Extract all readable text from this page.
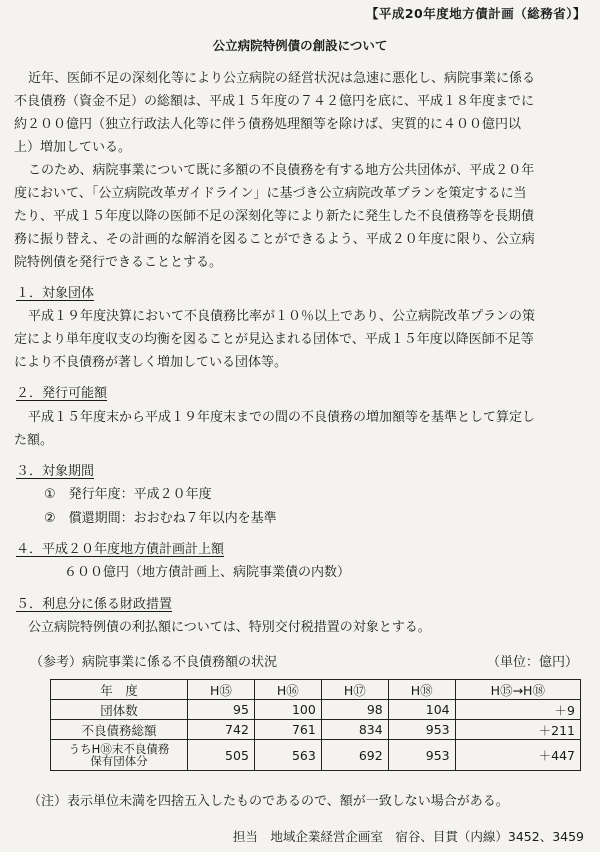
【平成20年度地方債計画（総務省）】
公立病院特例債の創設について
近年、医師不足の深刻化等により公立病院の経営状況は急速に悪化し、病院事業に係る
不良債務（資金不足）の総額は、平成１５年度の７４２億円を底に、平成１８年度までに
約２００億円（独立行政法人化等に伴う債務処理額等を除けば、実質的に４００億円以
上）増加している。
このため、病院事業について既に多額の不良債務を有する地方公共団体が、平成２０年
度において、「公立病院改革ガイドライン」に基づき公立病院改革プランを策定するに当
たり、平成１５年度以降の医師不足の深刻化等により新たに発生した不良債務等を長期債
務に振り替え、その計画的な解消を図ることができるよう、平成２０年度に限り、公立病
院特例債を発行できることとする。
１．対象団体
平成１９年度決算において不良債務比率が１０％以上であり、公立病院改革プランの策
定により単年度収支の均衡を図ることが見込まれる団体で、平成１５年度以降医師不足等
により不良債務が著しく増加している団体等。
２．発行可能額
平成１５年度末から平成１９年度末までの間の不良債務の増加額等を基準として算定し
た額。
３．対象期間
①　発行年度：平成２０年度
②　償還期間：おおむね７年以内を基準
４．平成２０年度地方債計画計上額
６００億円（地方債計画上、病院事業債の内数）
５．利息分に係る財政措置
公立病院特例債の利払額については、特別交付税措置の対象とする。
（参考）病院事業に係る不良債務額の状況	（単位：億円）
年　度	H⑮	H⑯	H⑰	H⑱	H⑮→H⑱
団体数	95	100	98	104	＋9
不良債務総額	742	761	834	953	＋211

うちH⑱末不良債務
保有団体分	505	563	692	953	＋447
（注）表示単位未満を四捨五入したものであるので、額が一致しない場合がある。
担当　地域企業経営企画室　宿谷、目貫（内線）3452、3459
